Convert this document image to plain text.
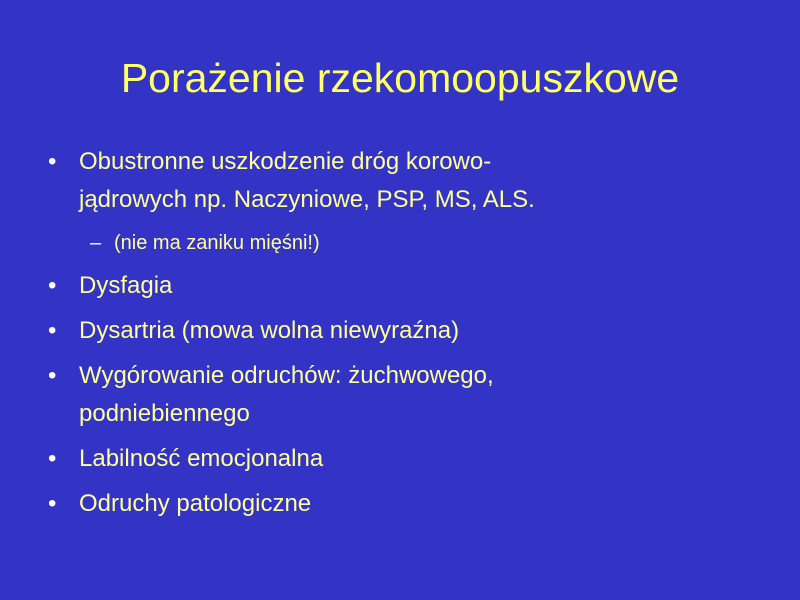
Porażenie rzekomoopuszkowe
• Obustronne uszkodzenie dróg korowo-
jądrowych np. Naczyniowe, PSP, MS, ALS.
– (nie ma zaniku mięśni!)
• Dysfagia
• Dysartria (mowa wolna niewyraźna)
• Wygórowanie odruchów: żuchwowego,
podniebiennego
• Labilność emocjonalna
• Odruchy patologiczne
